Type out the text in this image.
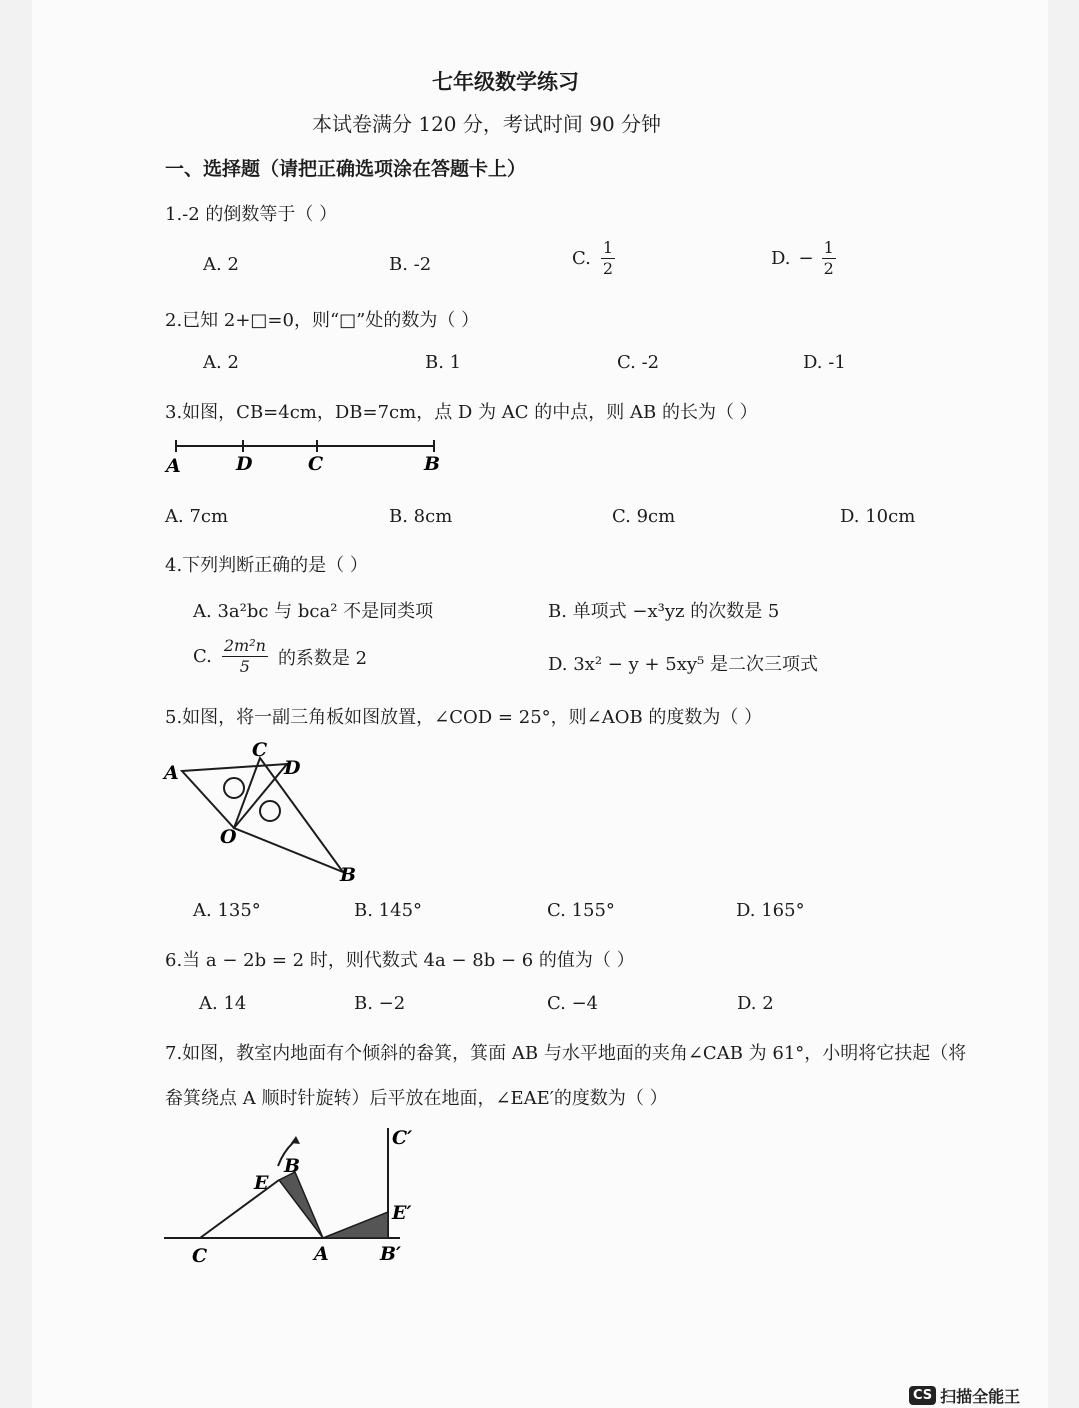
七年级数学练习
本试卷满分 120 分，考试时间 90 分钟
一、选择题（请把正确选项涂在答题卡上）
1.-2 的倒数等于（ ）
A. 2	B. -2	C. $\frac{1}{2}$	D. − $\frac{1}{2}$
2.已知 2+□=0，则“□”处的数为（ ）
A. 2	B. 1	C. -2	D. -1
3.如图，CB=4cm，DB=7cm，点 D 为 AC 的中点，则 AB 的长为（ ）
A	D	C	B
A. 7cm	B. 8cm	C. 9cm	D. 10cm
4.下列判断正确的是（ ）
A. 3a²bc 与 bca² 不是同类项	B. 单项式 −x³yz 的次数是 5
C. $\frac{\text{2m²n}}{5}$ 的系数是 2	D. 3x² − y + 5xy⁵ 是二次三项式
5.如图，将一副三角板如图放置，∠COD = 25°，则∠AOB 的度数为（ ）
A
C
D
O
B
A. 135°	B. 145°	C. 155°	D. 165°
6.当 a − 2b = 2 时，则代数式 4a − 8b − 6 的值为（ ）
A. 14	B. −2	C. −4	D. 2
7.如图，教室内地面有个倾斜的畚箕，箕面 AB 与水平地面的夹角∠CAB 为 61°，小明将它扶起（将
畚箕绕点 A 顺时针旋转）后平放在地面，∠EAE′的度数为（ ）
C′
B
E
E′
C	A	B′
CS 扫描全能王
